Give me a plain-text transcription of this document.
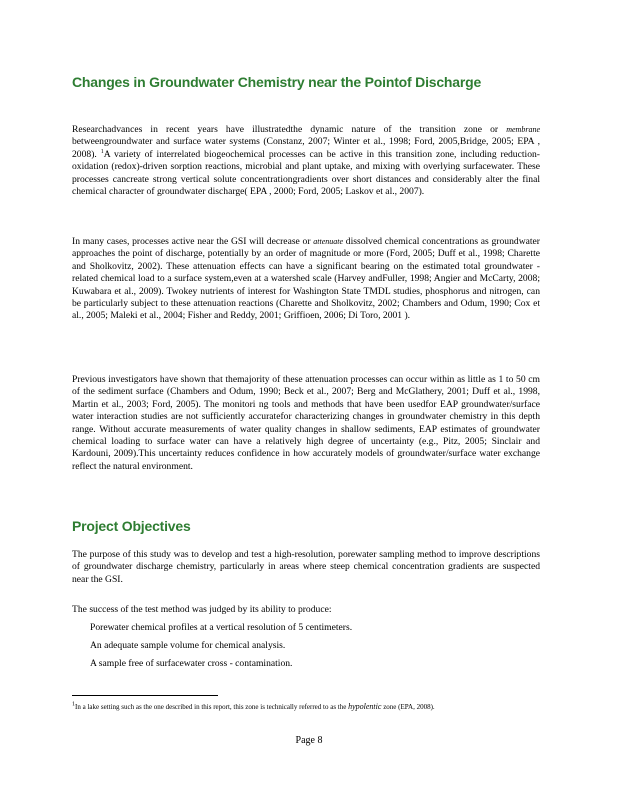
Changes in Groundwater Chemistry near the Pointof Discharge
Researchadvances in recent years have illustratedthe dynamic nature of the transition zone or membrane betweengroundwater and surface water systems (Constanz, 2007; Winter et al., 1998; Ford, 2005,Bridge, 2005; EPA , 2008). $^1$A variety of interrelated biogeochemical processes can be active in this transition zone, including reduction-oxidation (redox)-driven sorption reactions, microbial and plant uptake, and mixing with overlying surfacewater. These processes cancreate strong vertical solute concentrationgradients over short distances and considerably alter the final chemical character of groundwater discharge( EPA , 2000; Ford, 2005; Laskov et al., 2007).
In many cases, processes active near the GSI will decrease or attenuate dissolved chemical concentrations as groundwater approaches the point of discharge, potentially by an order of magnitude or more (Ford, 2005; Duff et al., 1998; Charette and Sholkovitz, 2002). These attenuation effects can have a significant bearing on the estimated total groundwater -related chemical load to a surface system,even at a watershed scale (Harvey andFuller, 1998; Angier and McCarty, 2008; Kuwabara et al., 2009). Twokey nutrients of interest for Washington State TMDL studies, phosphorus and nitrogen, can be particularly subject to these attenuation reactions (Charette and Sholkovitz, 2002; Chambers and Odum, 1990; Cox et al., 2005; Maleki et al., 2004; Fisher and Reddy, 2001; Griffioen, 2006; Di Toro, 2001 ).
Previous investigators have shown that themajority of these attenuation processes can occur within as little as 1 to 50 cm of the sediment surface (Chambers and Odum, 1990; Beck et al., 2007; Berg and McGlathery, 2001; Duff et al., 1998, Martin et al., 2003; Ford, 2005). The monitori ng tools and methods that have been usedfor EAP groundwater/surface water interaction studies are not sufficiently accuratefor characterizing changes in groundwater chemistry in this depth range. Without accurate measurements of water quality changes in shallow sediments, EAP estimates of groundwater chemical loading to surface water can have a relatively high degree of uncertainty (e.g., Pitz, 2005; Sinclair and Kardouni, 2009).This uncertainty reduces confidence in how accurately models of groundwater/surface water exchange reflect the natural environment.
Project Objectives
The purpose of this study was to develop and test a high-resolution, porewater sampling method to improve descriptions of groundwater discharge chemistry, particularly in areas where steep chemical concentration gradients are suspected near the GSI.
The success of the test method was judged by its ability to produce:
Porewater chemical profiles at a vertical resolution of 5 centimeters.
An adequate sample volume for chemical analysis.
A sample free of surfacewater cross - contamination.
$^1$In a lake setting such as the one described in this report, this zone is technically referred to as the hypolentic zone (EPA, 2008).
Page 8
